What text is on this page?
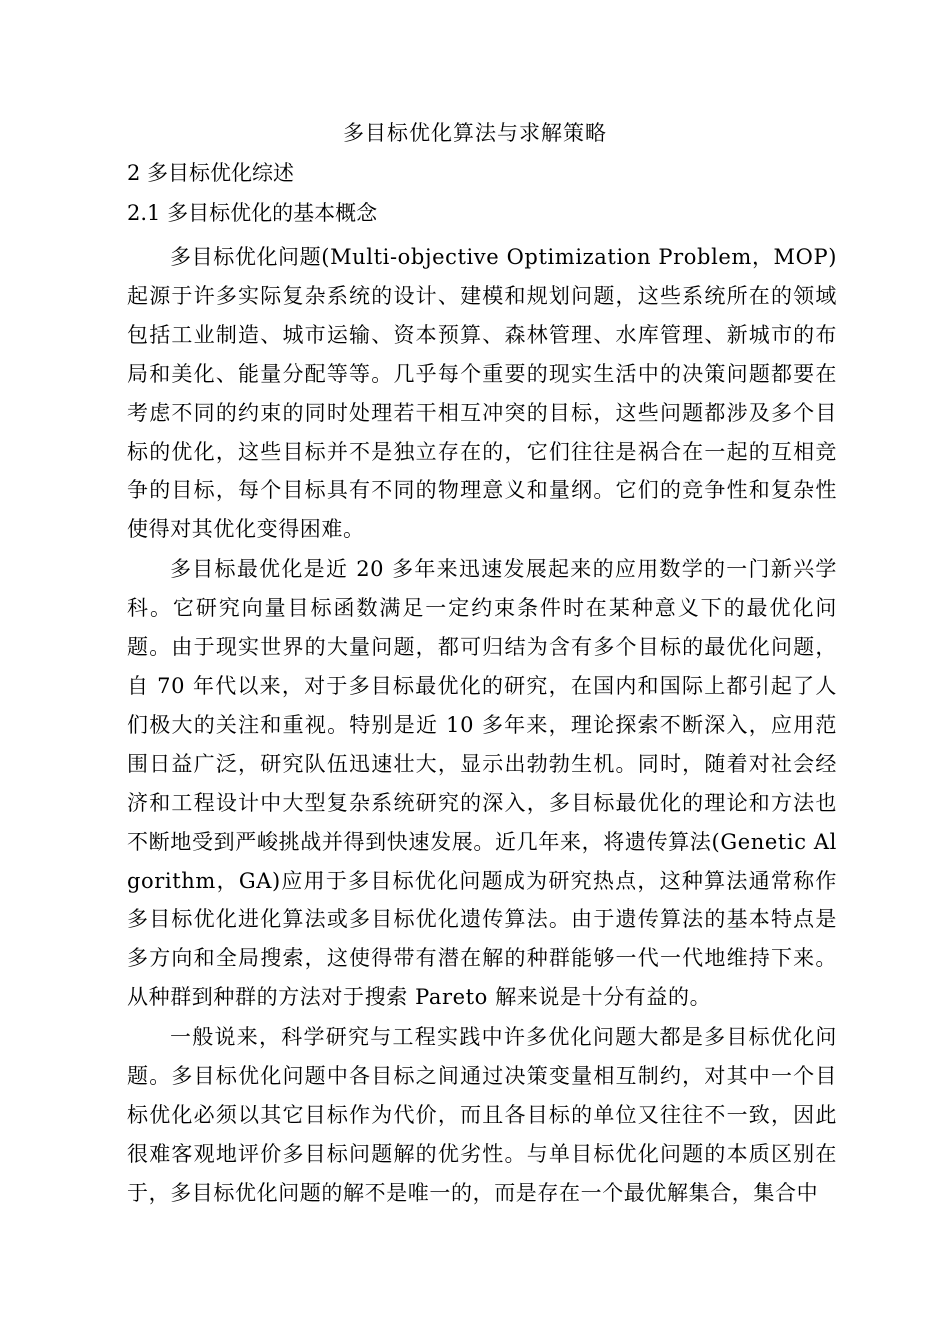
多目标优化算法与求解策略
2 多目标优化综述
2.1 多目标优化的基本概念

多目标优化问题(Multi-objective Optimization Problem，MOP)起源于许多实际复杂系统的设计、建模和规划问题，这些系统所在的领域包括工业制造、城市运输、资本预算、森林管理、水库管理、新城市的布局和美化、能量分配等等。几乎每个重要的现实生活中的决策问题都要在考虑不同的约束的同时处理若干相互冲突的目标，这些问题都涉及多个目标的优化，这些目标并不是独立存在的，它们往往是祸合在一起的互相竞争的目标，每个目标具有不同的物理意义和量纲。它们的竞争性和复杂性使得对其优化变得困难。

多目标最优化是近 20 多年来迅速发展起来的应用数学的一门新兴学科。它研究向量目标函数满足一定约束条件时在某种意义下的最优化问题。由于现实世界的大量问题，都可归结为含有多个目标的最优化问题，自 70 年代以来，对于多目标最优化的研究，在国内和国际上都引起了人们极大的关注和重视。特别是近 10 多年来，理论探索不断深入，应用范围日益广泛，研究队伍迅速壮大，显示出勃勃生机。同时，随着对社会经济和工程设计中大型复杂系统研究的深入，多目标最优化的理论和方法也不断地受到严峻挑战并得到快速发展。近几年来，将遗传算法(Genetic Algorithm，GA)应用于多目标优化问题成为研究热点，这种算法通常称作多目标优化进化算法或多目标优化遗传算法。由于遗传算法的基本特点是多方向和全局搜索，这使得带有潜在解的种群能够一代一代地维持下来。从种群到种群的方法对于搜索 Pareto 解来说是十分有益的。

一般说来，科学研究与工程实践中许多优化问题大都是多目标优化问题。多目标优化问题中各目标之间通过决策变量相互制约，对其中一个目标优化必须以其它目标作为代价，而且各目标的单位又往往不一致，因此很难客观地评价多目标问题解的优劣性。与单目标优化问题的本质区别在于，多目标优化问题的解不是唯一的，而是存在一个最优解集合，集合中
